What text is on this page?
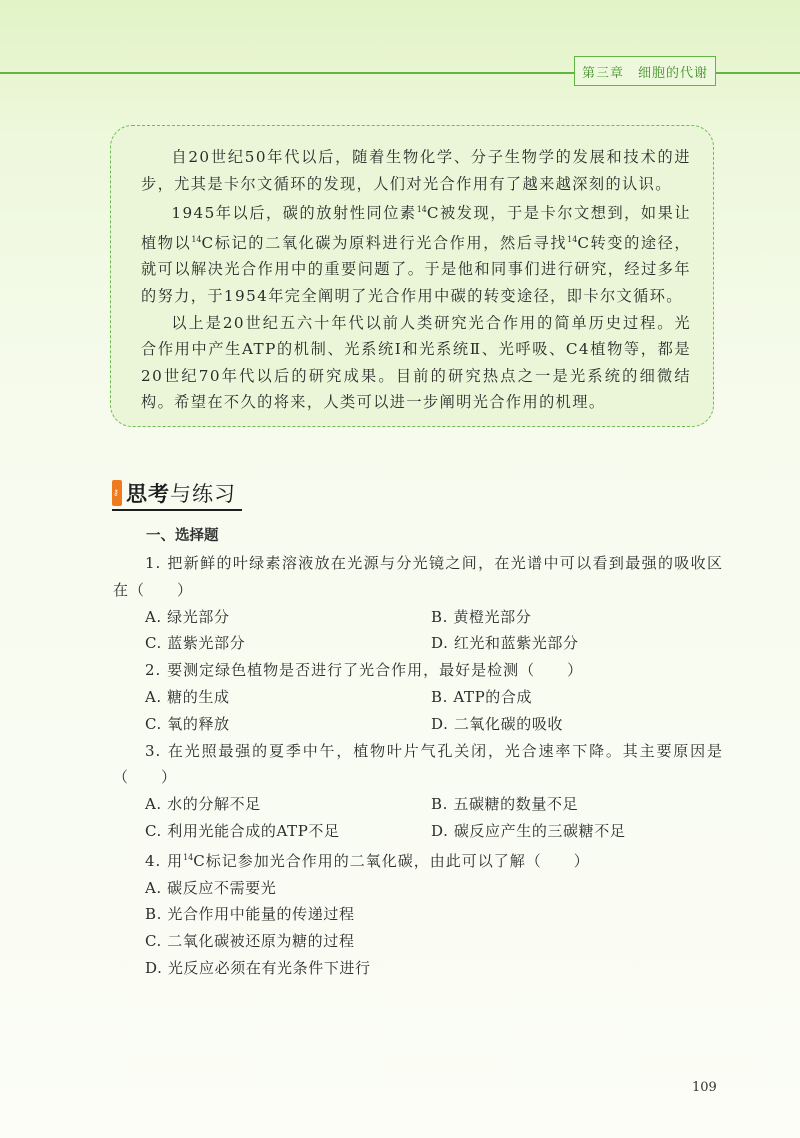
第三章 细胞的代谢

自20世纪50年代以后，随着生物化学、分子生物学的发展和技术的进步，尤其是卡尔文循环的发现，人们对光合作用有了越来越深刻的认识。

1945年以后，碳的放射性同位素$^{14}$C被发现，于是卡尔文想到，如果让植物以$^{14}$C标记的二氧化碳为原料进行光合作用，然后寻找$^{14}$C转变的途径，就可以解决光合作用中的重要问题了。于是他和同事们进行研究，经过多年的努力，于1954年完全阐明了光合作用中碳的转变途径，即卡尔文循环。

以上是20世纪五六十年代以前人类研究光合作用的简单历史过程。光合作用中产生ATP的机制、光系统Ⅰ和光系统Ⅱ、光呼吸、C4植物等，都是20世纪70年代以后的研究成果。目前的研究热点之一是光系统的细微结构。希望在不久的将来，人类可以进一步阐明光合作用的机理。

⚷ 思考与练习
一、选择题

1. 把新鲜的叶绿素溶液放在光源与分光镜之间，在光谱中可以看到最强的吸收区在（　　）

A. 绿光部分	B. 黄橙光部分
C. 蓝紫光部分	D. 红光和蓝紫光部分

2. 要测定绿色植物是否进行了光合作用，最好是检测（　　）

A. 糖的生成	B. ATP的合成
C. 氧的释放	D. 二氧化碳的吸收

3. 在光照最强的夏季中午，植物叶片气孔关闭，光合速率下降。其主要原因是（　　）

A. 水的分解不足	B. 五碳糖的数量不足
C. 利用光能合成的ATP不足	D. 碳反应产生的三碳糖不足

4. 用$^{14}$C标记参加光合作用的二氧化碳，由此可以了解（　　）

A. 碳反应不需要光
B. 光合作用中能量的传递过程
C. 二氧化碳被还原为糖的过程
D. 光反应必须在有光条件下进行
109
